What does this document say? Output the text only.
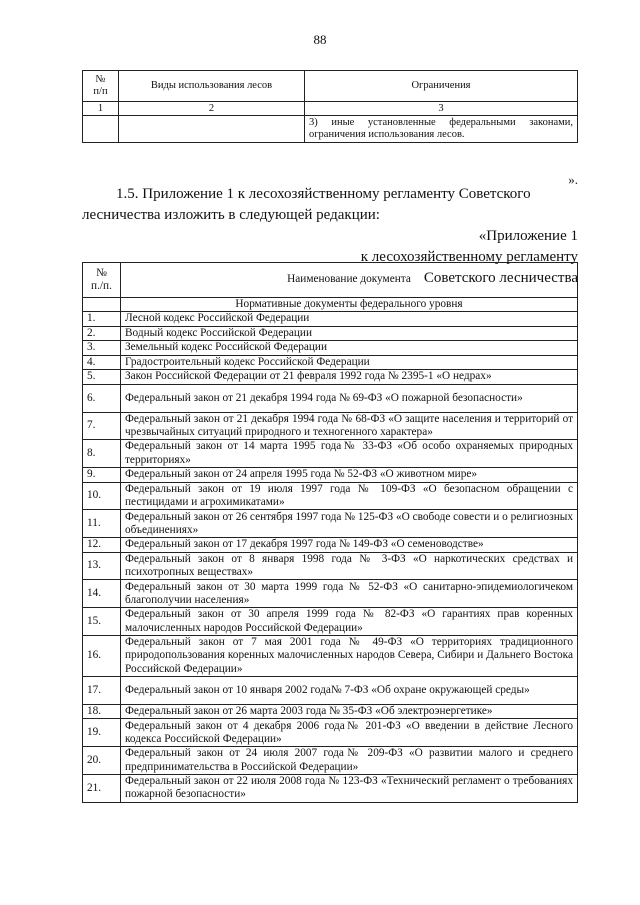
88
№
п/п	Виды использования лесов	Ограничения
1	2	3
		3) иные установленные федеральными законами,
ограничения использования лесов.
».
1.5. Приложение 1 к лесохозяйственному регламенту Советского
лесничества изложить в следующей редакции:
«Приложение 1
к лесохозяйственному регламенту
Советского лесничества
№
п./п.	Наименование документа
	Нормативные документы федерального уровня
1.	Лесной кодекс Российской Федерации
2.	Водный кодекс Российской Федерации
3.	Земельный кодекс Российской Федерации
4.	Градостроительный кодекс Российской Федерации
5.	Закон Российской Федерации от 21 февраля 1992 года № 2395-1 «О недрах»
6.	Федеральный закон от 21 декабря 1994 года № 69-ФЗ «О пожарной безопасности»
7.	Федеральный закон от 21 декабря 1994 года № 68-ФЗ «О защите населения и территорий от чрезвычайных ситуаций природного и техногенного характера»
8.	Федеральный закон от 14 марта 1995 года№ 33-ФЗ «Об особо охраняемых природных территориях»
9.	Федеральный закон от 24 апреля 1995 года № 52-ФЗ «О животном мире»
10.	Федеральный закон от 19 июля 1997 года № 109-ФЗ «О безопасном обращении с пестицидами и агрохимикатами»
11.	Федеральный закон от 26 сентября 1997 года № 125-ФЗ «О свободе совести и о религиозных объединениях»
12.	Федеральный закон от 17 декабря 1997 года № 149-ФЗ «О семеноводстве»
13.	Федеральный закон от 8 января 1998 года № 3-ФЗ «О наркотических средствах и психотропных веществах»
14.	Федеральный закон от 30 марта 1999 года № 52-ФЗ «О санитарно-эпидемиологичеком благополучии населения»
15.	Федеральный закон от 30 апреля 1999 года № 82-ФЗ «О гарантиях прав коренных малочисленных народов Российской Федерации»
16.	Федеральный закон от 7 мая 2001 года № 49-ФЗ «О территориях традиционного природопользования коренных малочисленных народов Севера, Сибири и Дальнего Востока Российской Федерации»
17.	Федеральный закон от 10 января 2002 года№ 7-ФЗ «Об охране окружающей среды»
18.	Федеральный закон от 26 марта 2003 года № 35-ФЗ «Об электроэнергетике»
19.	Федеральный закон от 4 декабря 2006 года№ 201-ФЗ «О введении в действие Лесного кодекса Российской Федерации»
20.	Федеральный закон от 24 июля 2007 года№ 209-ФЗ «О развитии малого и среднего предпринимательства в Российской Федерации»
21.	Федеральный закон от 22 июля 2008 года № 123-ФЗ «Технический регламент о требованиях пожарной безопасности»
